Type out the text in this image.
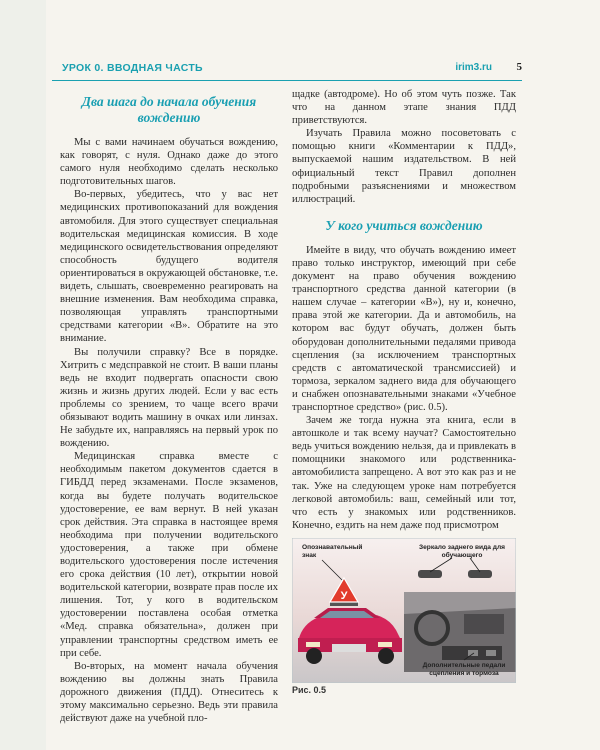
УРОК 0. ВВОДНАЯ ЧАСТЬ	irim3.ru 5
Два шага до начала обучения вождению

Мы с вами начинаем обучаться вождению, как говорят, с нуля. Однако даже до этого самого нуля необходимо сделать несколько подготовительных шагов.

Во-первых, убедитесь, что у вас нет медицинских противопоказаний для вождения автомобиля. Для этого существует специальная водительская медицинская комиссия. В ходе медицинского освидетельствования определяют способность будущего водителя ориентироваться в окружающей обстановке, т.е. видеть, слышать, своевременно реагировать на внешние изменения. Вам необходима справка, позволяющая управлять транспортными средствами категории «B». Обратите на это внимание.

Вы получили справку? Все в порядке. Хитрить с медсправкой не стоит. В ваши планы ведь не входит подвергать опасности свою жизнь и жизнь других людей. Если у вас есть проблемы со зрением, то чаще всего врачи обязывают водить машину в очках или линзах. Не забудьте их, направляясь на первый урок по вождению.

Медицинская справка вместе с необходимым пакетом документов сдается в ГИБДД перед экзаменами. После экзаменов, когда вы будете получать водительское удостоверение, ее вам вернут. В ней указан срок действия. Эта справка в настоящее время необходима при получении водительского удостоверения, а также при обмене водительского удостоверения после истечения его срока действия (10 лет), открытии новой водительской категории, возврате прав после их лишения. Тот, у кого в водительском удостоверении поставлена особая отметка «Мед. справка обязательна», должен при управлении транспортны средством иметь ее при себе.

Во-вторых, на момент начала обучения вождению вы должны знать Правила дорожного движения (ПДД). Отнеситесь к этому максимально серьезно. Ведь эти правила действуют даже на учебной пло-

щадке (автодроме). Но об этом чуть позже. Так что на данном этапе знания ПДД приветствуются.

Изучать Правила можно посоветовать с помощью книги «Комментарии к ПДД», выпускаемой нашим издательством. В ней официальный текст Правил дополнен подробными разъяснениями и множеством иллюстраций.

У кого учиться вождению

Имейте в виду, что обучать вождению имеет право только инструктор, имеющий при себе документ на право обучения вождению транспортного средства данной категории (в нашем случае – категории «B»), ну и, конечно, права этой же категории. Да и автомобиль, на котором вас будут обучать, должен быть оборудован дополнительными педалями привода сцепления (за исключением транспортных средств с автоматической трансмиссией) и тормоза, зеркалом заднего вида для обучающего и снабжен опознавательными знаками «Учебное транспортное средство» (рис. 0.5).

Зачем же тогда нужна эта книга, если в автошколе и так всему научат? Самостоятельно ведь учиться вождению нельзя, да и привлекать в помощники знакомого или родственника-автомобилиста запрещено. А вот это как раз и не так. Уже на следующем уроке нам потребуется легковой автомобиль: ваш, семейный или тот, что есть у знакомых или родственников. Конечно, ездить на нем даже под присмотром

У
Опознавательный знак
Зеркало заднего вида для обучающего
Дополнительные педали сцепления и тормоза
Рис. 0.5
